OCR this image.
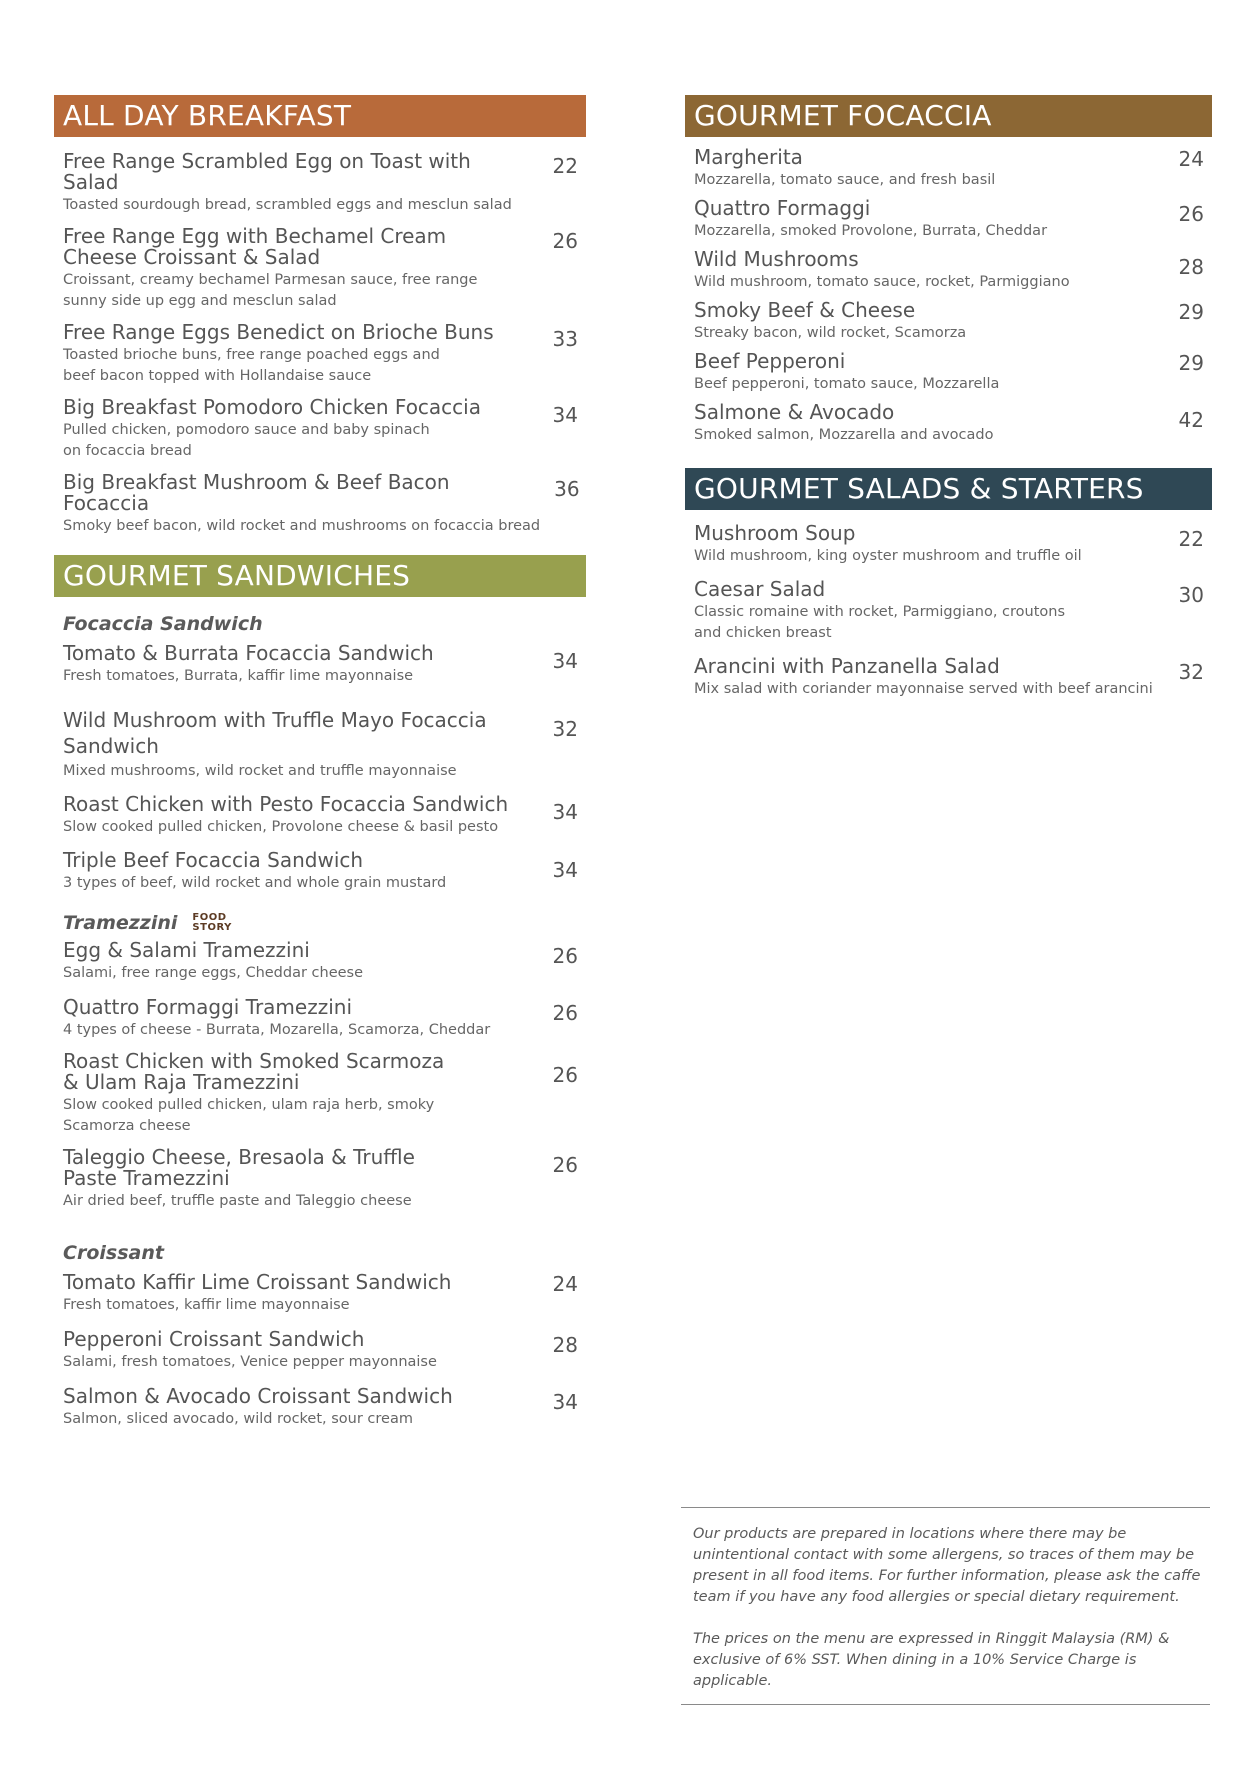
ALL DAY BREAKFAST
Free Range Scrambled Egg on Toast with Salad
Toasted sourdough bread, scrambled eggs and mesclun salad
22
Free Range Egg with Bechamel Cream
Cheese Croissant & Salad
Croissant, creamy bechamel Parmesan sauce, free range
sunny side up egg and mesclun salad
26
Free Range Eggs Benedict on Brioche Buns
Toasted brioche buns, free range poached eggs and
beef bacon topped with Hollandaise sauce
33
Big Breakfast Pomodoro Chicken Focaccia
Pulled chicken, pomodoro sauce and baby spinach
on focaccia bread
34
Big Breakfast Mushroom & Beef Bacon Focaccia
Smoky beef bacon, wild rocket and mushrooms on focaccia bread
36
GOURMET SANDWICHES
Focaccia Sandwich
Tomato & Burrata Focaccia Sandwich
Fresh tomatoes, Burrata, kaffir lime mayonnaise
34
Wild Mushroom with Truffle Mayo Focaccia
Sandwich
Mixed mushrooms, wild rocket and truffle mayonnaise
32
Roast Chicken with Pesto Focaccia Sandwich
Slow cooked pulled chicken, Provolone cheese & basil pesto
34
Triple Beef Focaccia Sandwich
3 types of beef, wild rocket and whole grain mustard
34
Tramezzini FOOD
STORY
Egg & Salami Tramezzini
Salami, free range eggs, Cheddar cheese
26
Quattro Formaggi Tramezzini
4 types of cheese - Burrata, Mozarella, Scamorza, Cheddar
26
Roast Chicken with Smoked Scarmoza
& Ulam Raja Tramezzini
Slow cooked pulled chicken, ulam raja herb, smoky
Scamorza cheese
26
Taleggio Cheese, Bresaola & Truffle
Paste Tramezzini
Air dried beef, truffle paste and Taleggio cheese
26
Croissant
Tomato Kaffir Lime Croissant Sandwich
Fresh tomatoes, kaffir lime mayonnaise
24
Pepperoni Croissant Sandwich
Salami, fresh tomatoes, Venice pepper mayonnaise
28
Salmon & Avocado Croissant Sandwich
Salmon, sliced avocado, wild rocket, sour cream
34
GOURMET FOCACCIA
Margherita
Mozzarella, tomato sauce, and fresh basil
24
Quattro Formaggi
Mozzarella, smoked Provolone, Burrata, Cheddar
26
Wild Mushrooms
Wild mushroom, tomato sauce, rocket, Parmiggiano
28
Smoky Beef & Cheese
Streaky bacon, wild rocket, Scamorza
29
Beef Pepperoni
Beef pepperoni, tomato sauce, Mozzarella
29
Salmone & Avocado
Smoked salmon, Mozzarella and avocado
42
GOURMET SALADS & STARTERS
Mushroom Soup
Wild mushroom, king oyster mushroom and truffle oil
22
Caesar Salad
Classic romaine with rocket, Parmiggiano, croutons
and chicken breast
30
Arancini with Panzanella Salad
Mix salad with coriander mayonnaise served with beef arancini
32
Our products are prepared in locations where there may be unintentional contact with some allergens, so traces of them may be present in all food items. For further information, please ask the caffe team if you have any food allergies or special dietary requirement.
The prices on the menu are expressed in Ringgit Malaysia (RM) & exclusive of 6% SST. When dining in a 10% Service Charge is applicable.
